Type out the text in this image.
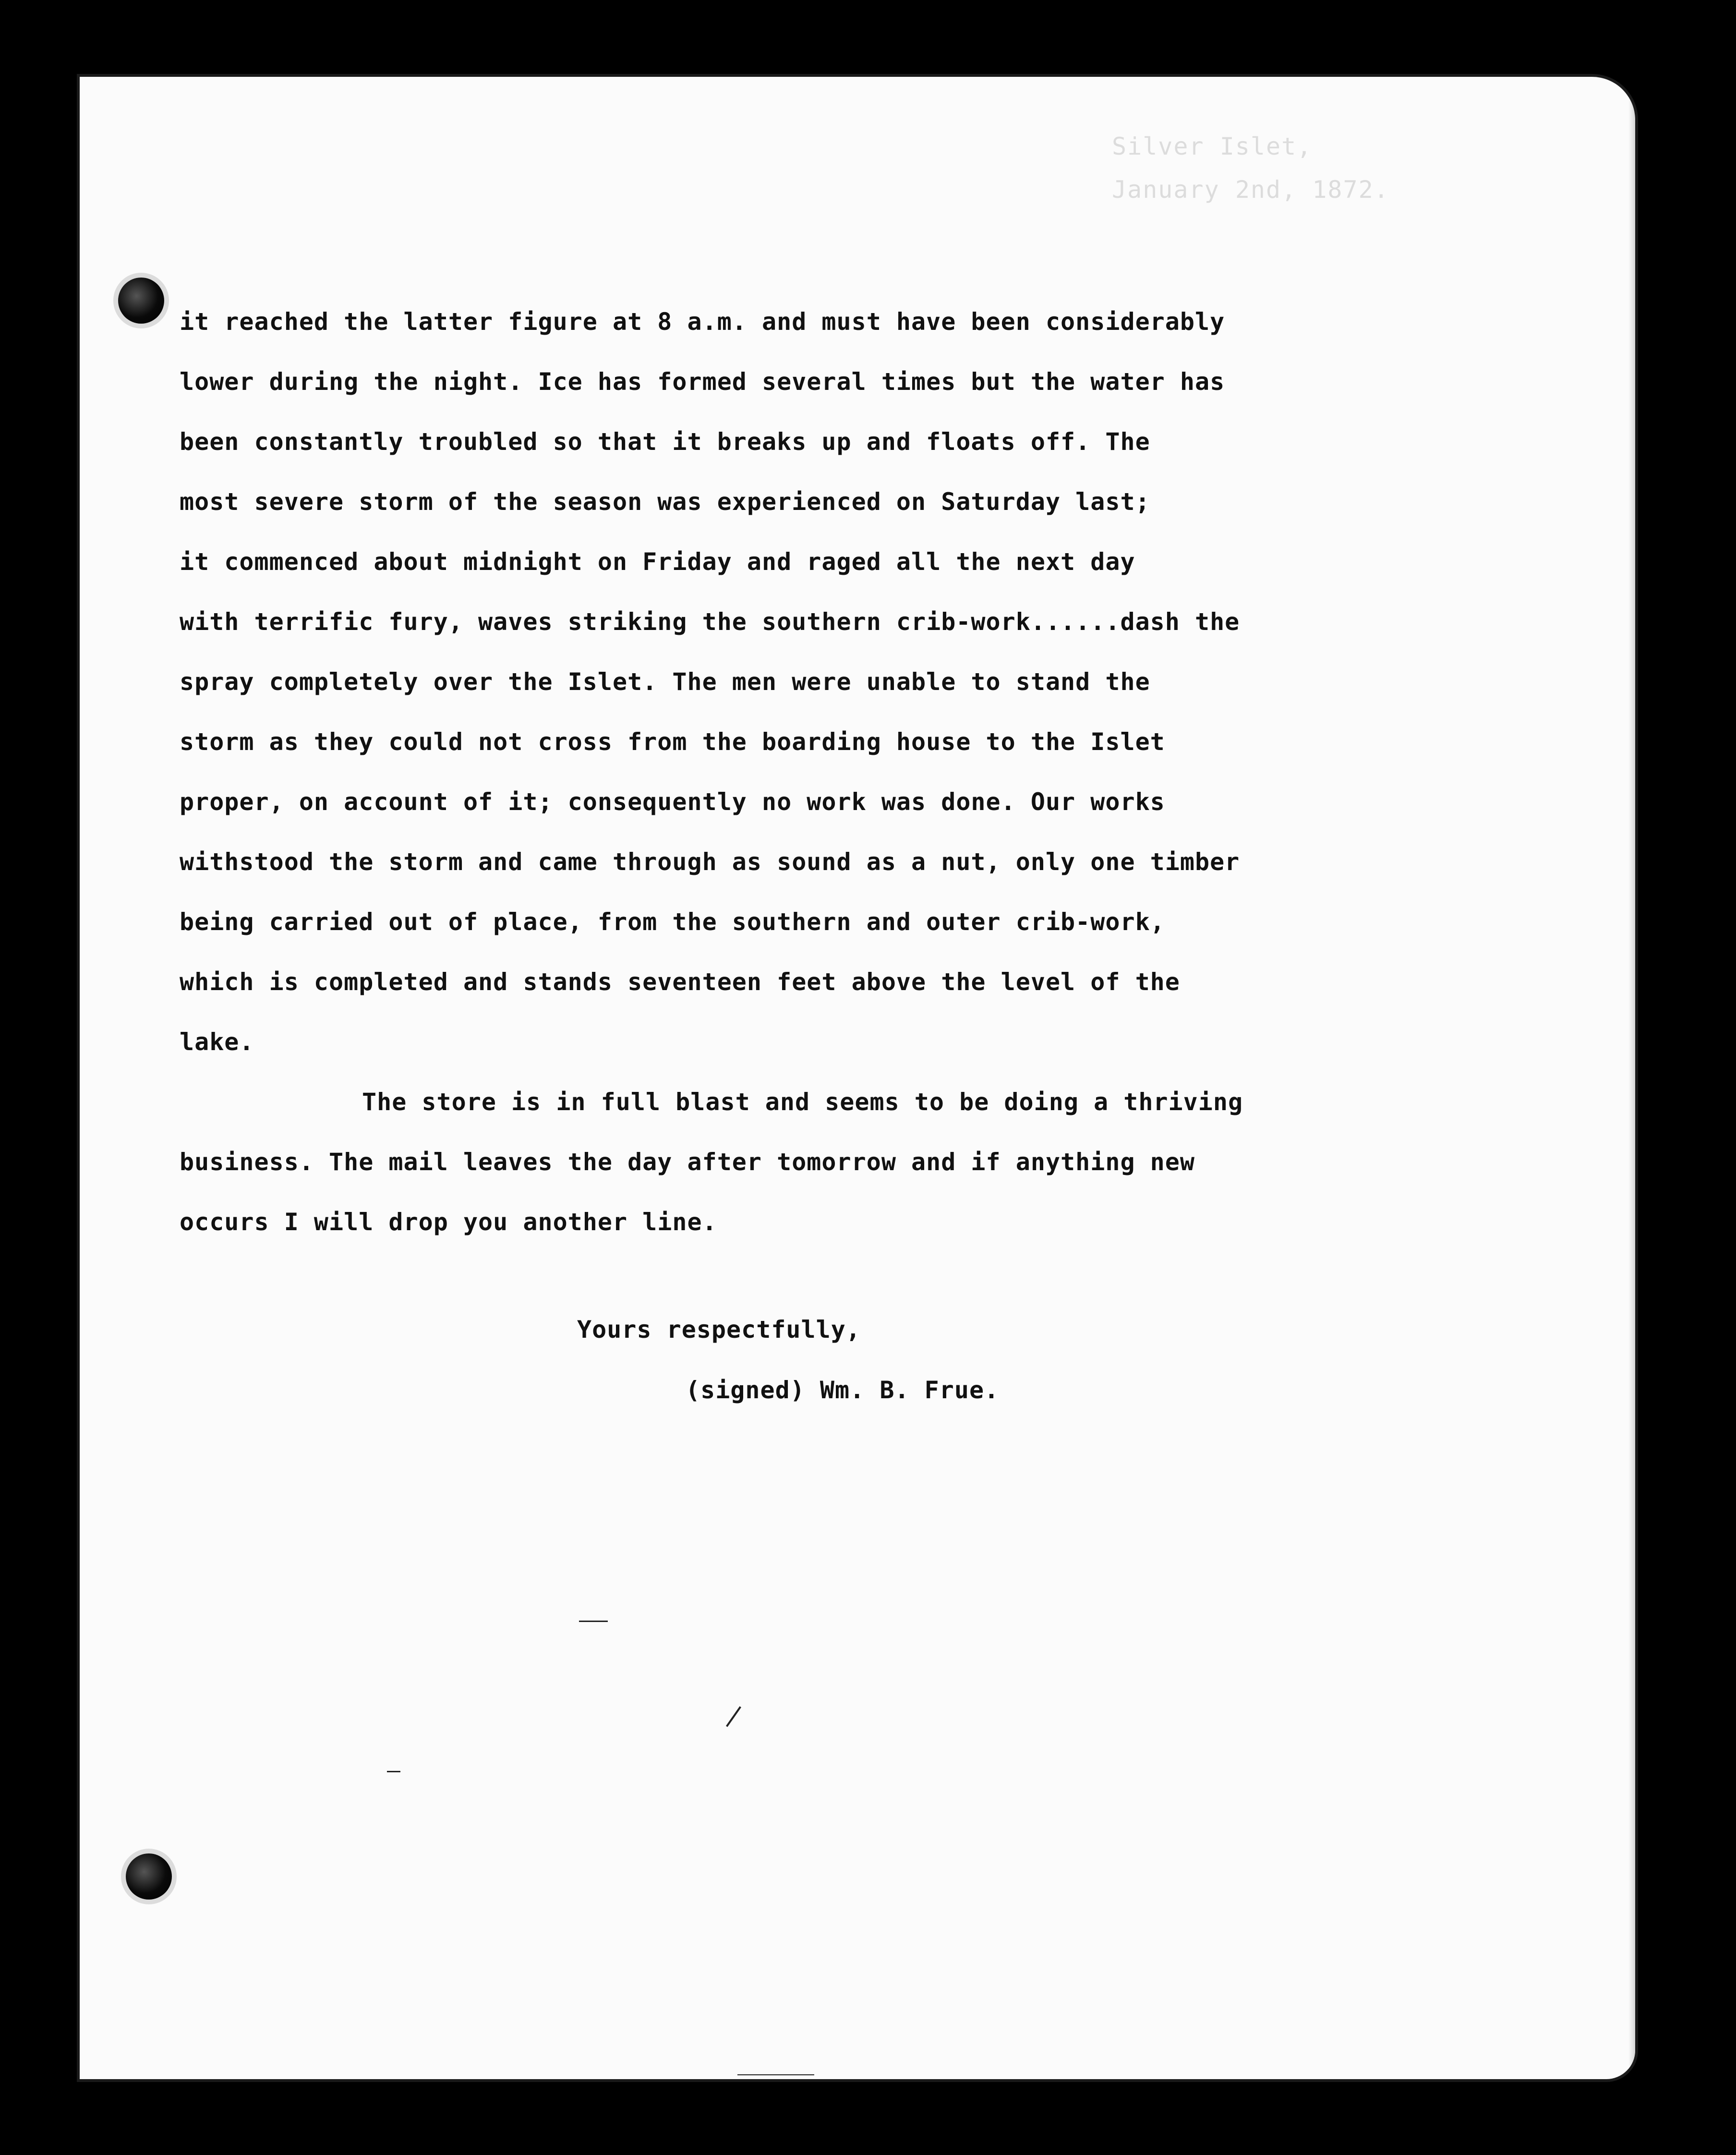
Silver Islet,
January 2nd, 1872.
it reached the latter figure at 8 a.m. and must have been considerably
lower during the night. Ice has formed several times but the water has
been constantly troubled so that it breaks up and floats off. The
most severe storm of the season was experienced on Saturday last;
it commenced about midnight on Friday and raged all the next day
with terrific fury, waves striking the southern crib-work......dash the
spray completely over the Islet. The men were unable to stand the
storm as they could not cross from the boarding house to the Islet
proper, on account of it; consequently no work was done. Our works
withstood the storm and came through as sound as a nut, only one timber
being carried out of place, from the southern and outer crib-work,
which is completed and stands seventeen feet above the level of the
lake.
The store is in full blast and seems to be doing a thriving
business. The mail leaves the day after tomorrow and if anything new
occurs I will drop you another line.
Yours respectfully,
(signed) Wm. B. Frue.
